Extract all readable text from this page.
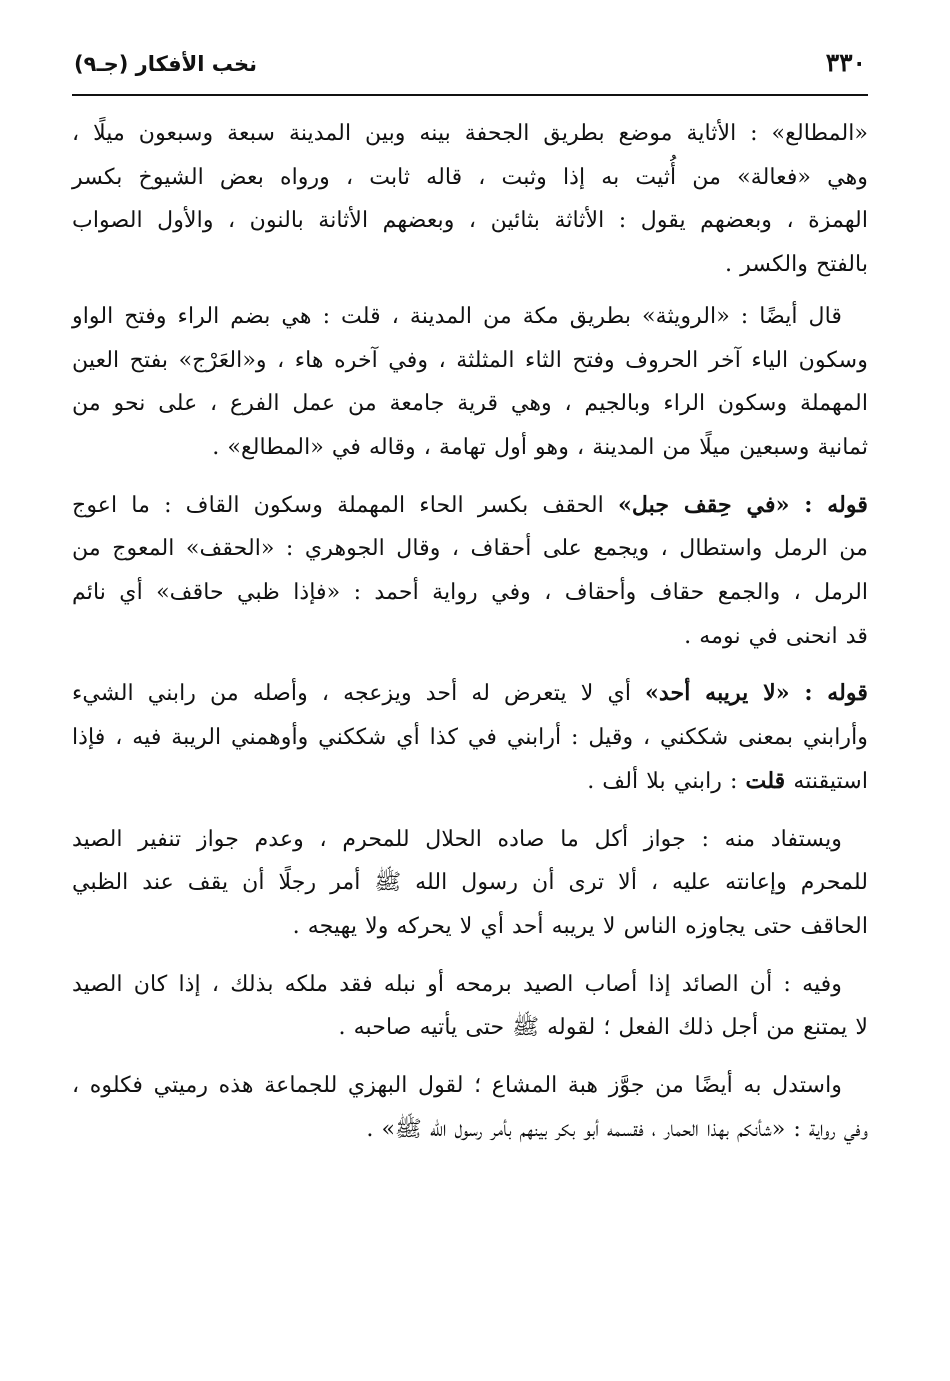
٣٣٠
نخب الأفكار (جـ٩)

«المطالع» : الأثاية موضع بطريق الجحفة بينه وبين المدينة سبعة وسبعون ميلًا ،
وهي «فعالة» من أُثيت به إذا وثبت ، قاله ثابت ، ورواه بعض الشيوخ بكسر
الهمزة ، وبعضهم يقول : الأثاثة بثائين ، وبعضهم الأثانة بالنون ، والأول الصواب
بالفتح والكسر .

قال أيضًا : «الرويثة» بطريق مكة من المدينة ، قلت : هي بضم الراء وفتح الواو
وسكون الياء آخر الحروف وفتح الثاء المثلثة ، وفي آخره هاء ، و«العَرْج» بفتح العين
المهملة وسكون الراء وبالجيم ، وهي قرية جامعة من عمل الفرع ، على نحو من
ثمانية وسبعين ميلًا من المدينة ، وهو أول تهامة ، وقاله في «المطالع» .

قوله : «في حِقف جبل» الحقف بكسر الحاء المهملة وسكون القاف : ما اعوج
من الرمل واستطال ، ويجمع على أحقاف ، وقال الجوهري : «الحقف» المعوج من
الرمل ، والجمع حقاف وأحقاف ، وفي رواية أحمد : «فإذا ظبي حاقف» أي نائم
قد انحنى في نومه .

قوله : «لا يريبه أحد» أي لا يتعرض له أحد ويزعجه ، وأصله من رابني الشيء
وأرابني بمعنى شككني ، وقيل : أرابني في كذا أي شككني وأوهمني الريبة فيه ، فإذا
استيقنته قلت : رابني بلا ألف .

ويستفاد منه : جواز أكل ما صاده الحلال للمحرم ، وعدم جواز تنفير الصيد
للمحرم وإعانته عليه ، ألا ترى أن رسول الله ﷺ أمر رجلًا أن يقف عند الظبي
الحاقف حتى يجاوزه الناس لا يريبه أحد أي لا يحركه ولا يهيجه .

وفيه : أن الصائد إذا أصاب الصيد برمحه أو نبله فقد ملكه بذلك ، إذا كان الصيد
لا يمتنع من أجل ذلك الفعل ؛ لقوله ﷺ حتى يأتيه صاحبه .

واستدل به أيضًا من جوَّز هبة المشاع ؛ لقول البهزي للجماعة هذه رميتي فكلوه ،
وفي رواية : «شأنكم بهذا الحمار ، فقسمه أبو بكر بينهم بأمر رسول الله ﷺ» .
